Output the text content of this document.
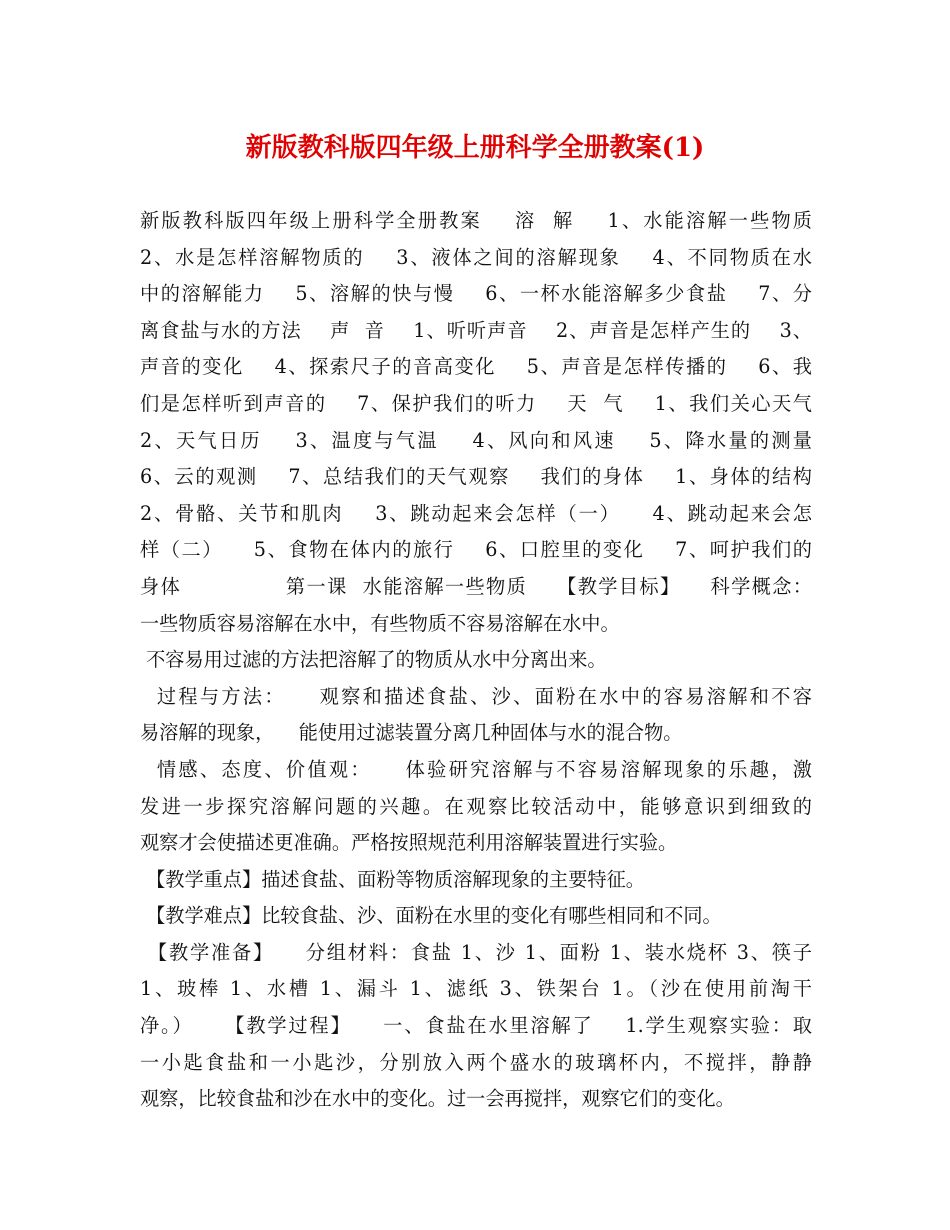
新版教科版四年级上册科学全册教案(1)
新版教科版四年级上册科学全册教案    溶  解    1、水能溶解一些物质
2、水是怎样溶解物质的    3、液体之间的溶解现象    4、不同物质在水
中的溶解能力    5、溶解的快与慢    6、一杯水能溶解多少食盐    7、分
离食盐与水的方法    声  音    1、听听声音    2、声音是怎样产生的    3、
声音的变化    4、探索尺子的音高变化    5、声音是怎样传播的    6、我
们是怎样听到声音的    7、保护我们的听力    天  气    1、我们关心天气
2、天气日历    3、温度与气温    4、风向和风速    5、降水量的测量
6、云的观测    7、总结我们的天气观察    我们的身体    1、身体的结构
2、骨骼、关节和肌肉    3、跳动起来会怎样（一）    4、跳动起来会怎
样（二）    5、食物在体内的旅行    6、口腔里的变化    7、呵护我们的
身体              第一课  水能溶解一些物质    【教学目标】    科学概念：
一些物质容易溶解在水中，有些物质不容易溶解在水中。
不容易用过滤的方法把溶解了的物质从水中分离出来。
过程与方法：    观察和描述食盐、沙、面粉在水中的容易溶解和不容
易溶解的现象，    能使用过滤装置分离几种固体与水的混合物。
情感、态度、价值观：    体验研究溶解与不容易溶解现象的乐趣，激
发进一步探究溶解问题的兴趣。在观察比较活动中，能够意识到细致的
观察才会使描述更准确。严格按照规范利用溶解装置进行实验。
【教学重点】描述食盐、面粉等物质溶解现象的主要特征。
【教学难点】比较食盐、沙、面粉在水里的变化有哪些相同和不同。
【教学准备】    分组材料：食盐 1、沙 1、面粉 1、装水烧杯 3、筷子
1、玻棒 1、水槽 1、漏斗 1、滤纸 3、铁架台 1。（沙在使用前淘干
净。）    【教学过程】    一、食盐在水里溶解了    1.学生观察实验：取
一小匙食盐和一小匙沙，分别放入两个盛水的玻璃杯内，不搅拌，静静
观察，比较食盐和沙在水中的变化。过一会再搅拌，观察它们的变化。
